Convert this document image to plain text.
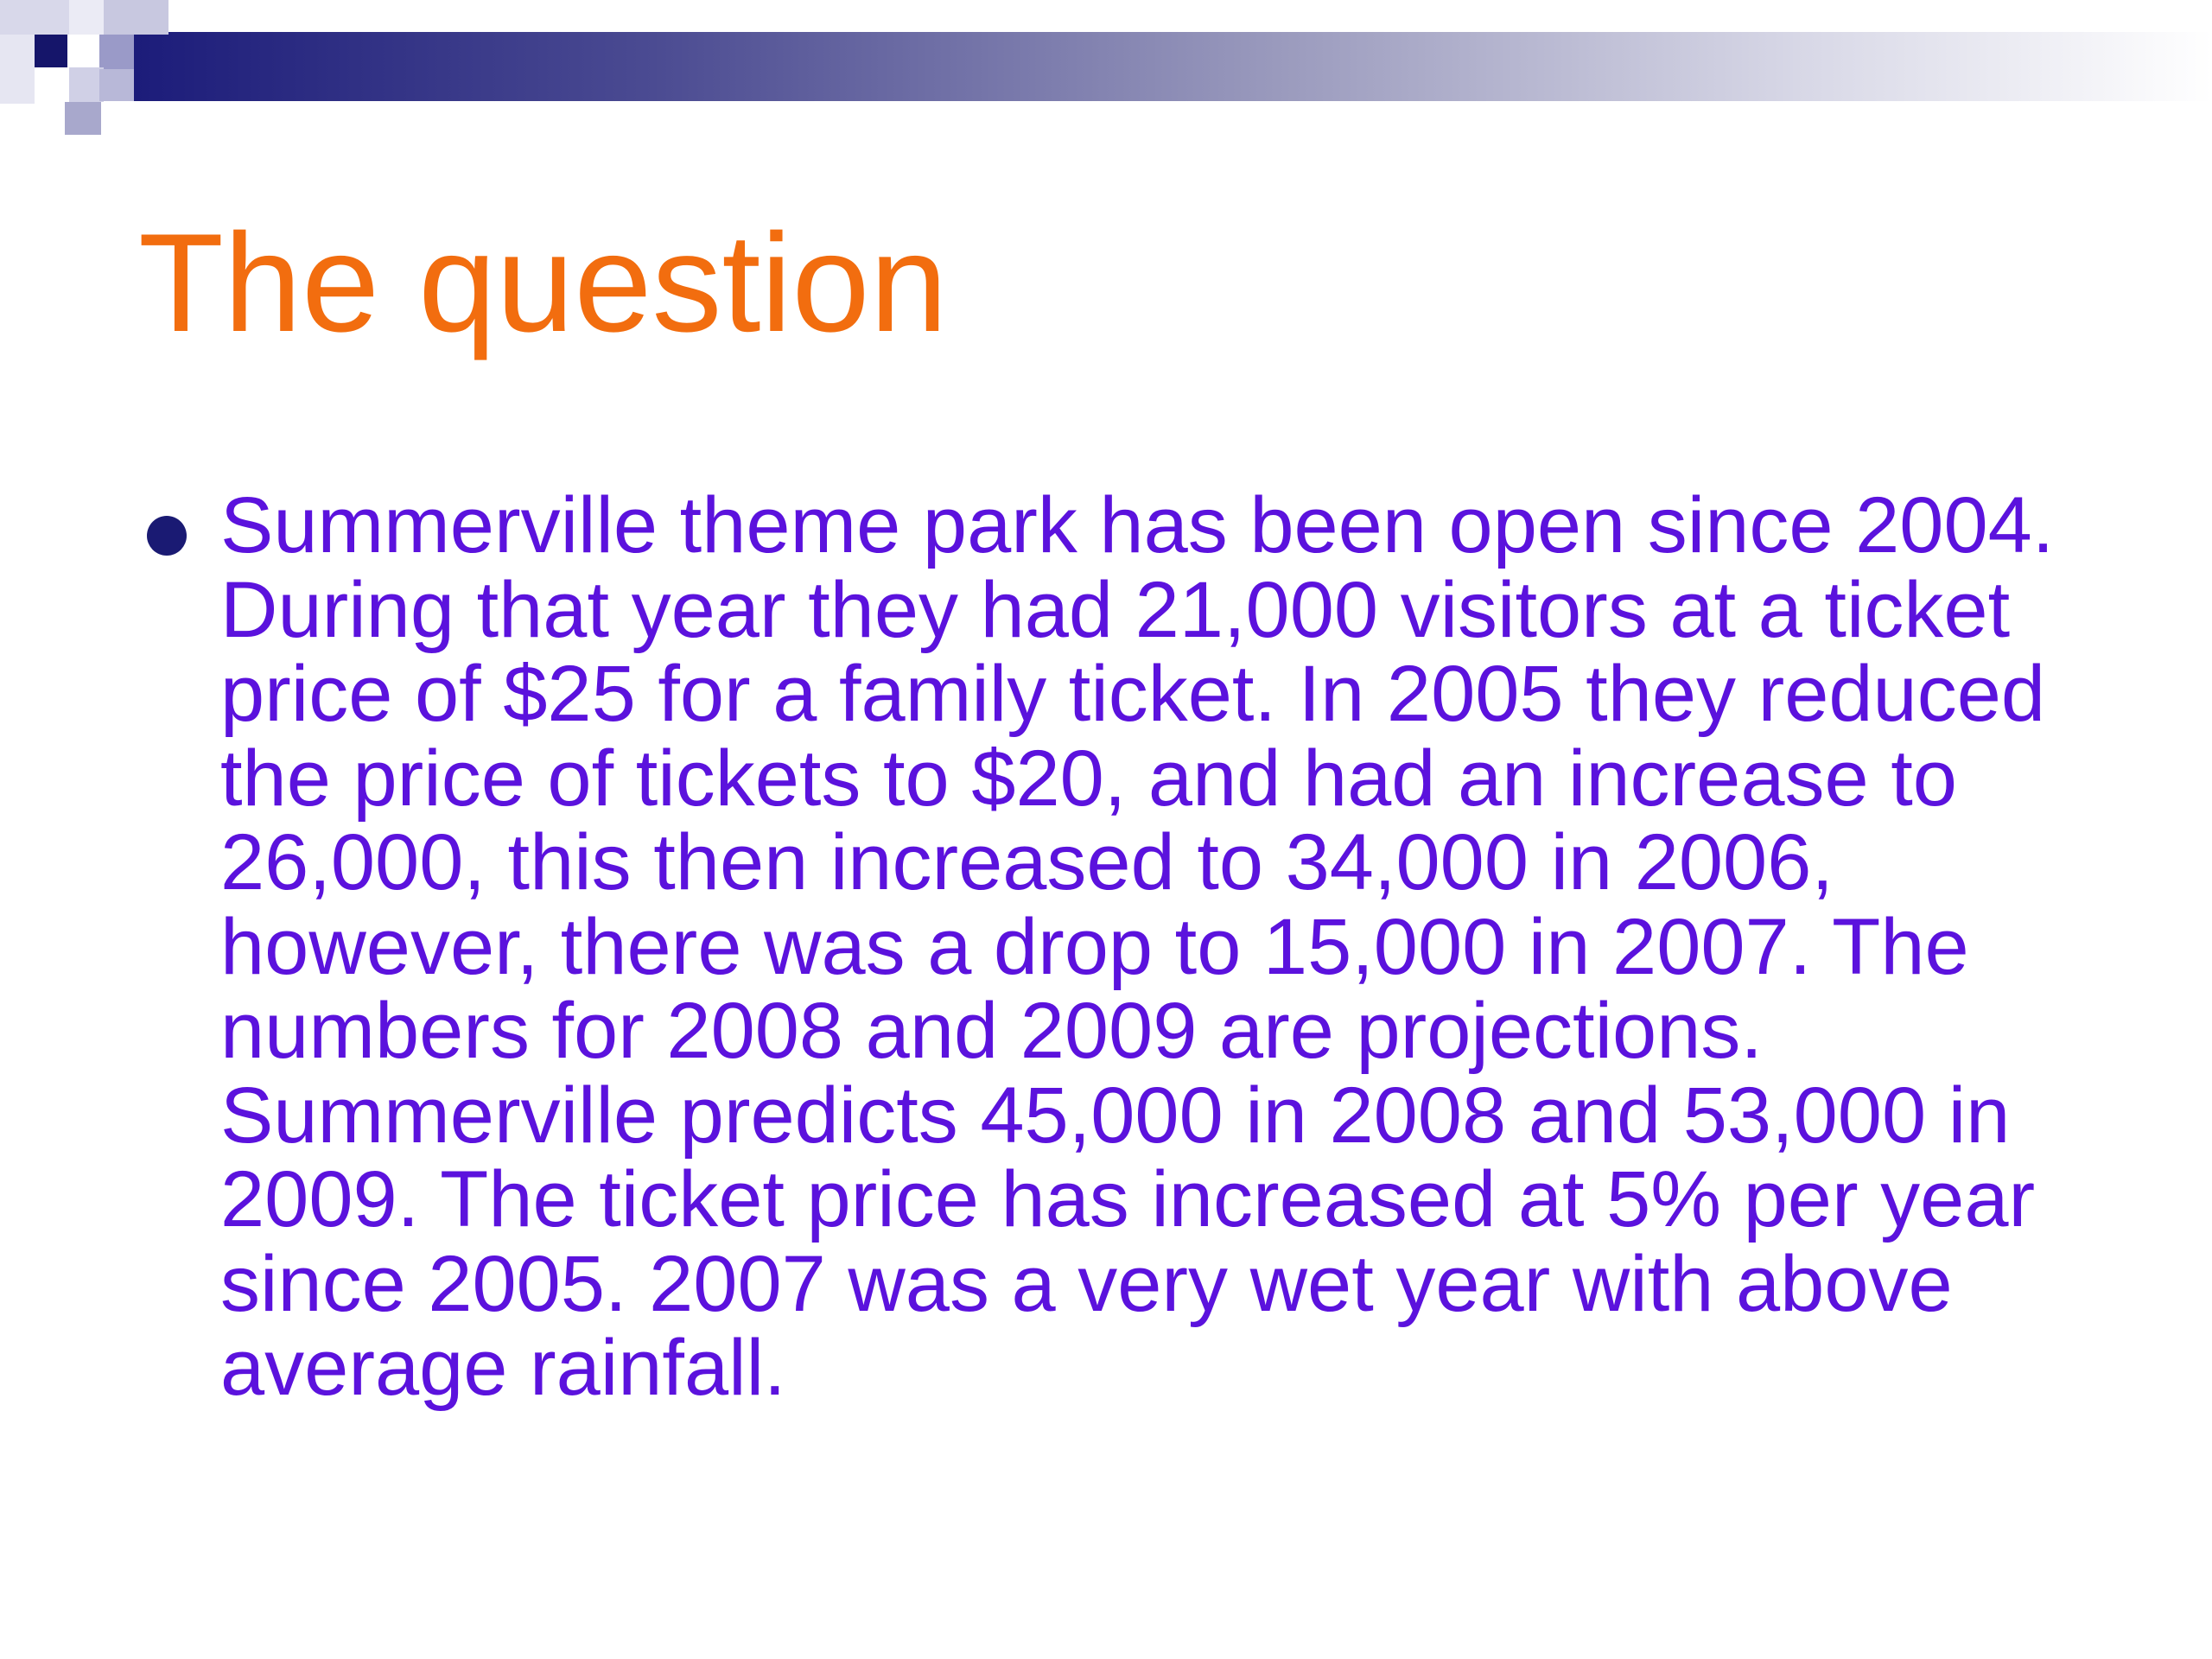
The question

Summerville theme park has been open since 2004. During that year they had 21,000 visitors at a ticket price of $25 for a family ticket. In 2005 they reduced the price of tickets to $20, and had an increase to 26,000, this then increased to 34,000 in 2006, however, there was a drop to 15,000 in 2007. The numbers for 2008 and 2009 are projections. Summerville predicts 45,000 in 2008 and 53,000 in 2009. The ticket price has increased at 5% per year since 2005. 2007 was a very wet year with above average rainfall.
